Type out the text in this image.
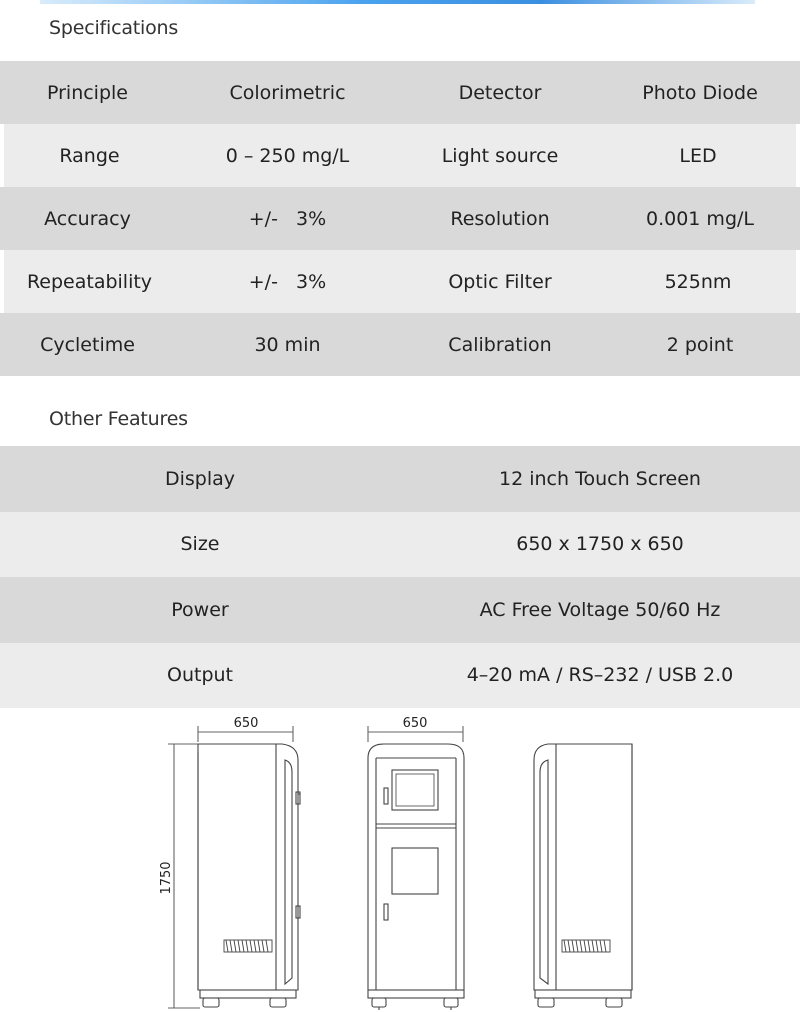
Specifications
Principle	Colorimetric	Detector	Photo Diode
Range	0 – 250 mg/L	Light source	LED
Accuracy	+/-   3%	Resolution	0.001 mg/L
Repeatability	+/-   3%	Optic Filter	525nm
Cycletime	30 min	Calibration	2 point
Other Features
Display	12 inch Touch Screen
Size	650 x 1750 x 650
Power	AC Free Voltage 50/60 Hz
Output	4–20 mA / RS–232 / USB 2.0
650	650
1750
